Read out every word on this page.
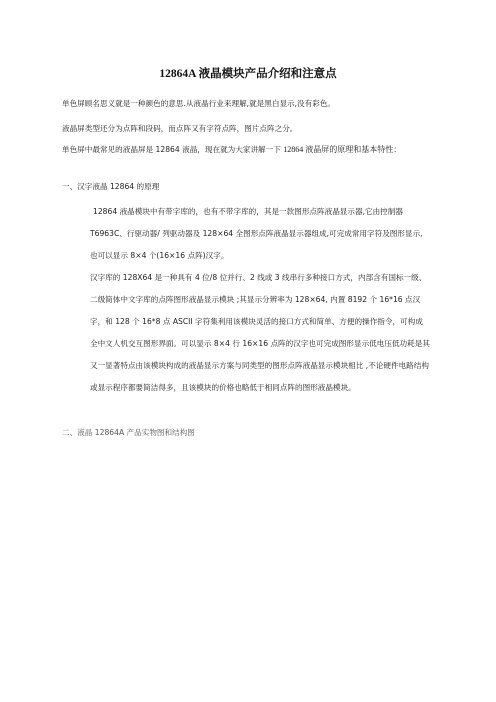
12864A 液晶模块产品介绍和注意点

单色屏顾名思义就是一种颜色的意思.从液晶行业来理解,就是黑白显示,没有彩色。

液晶屏类型还分为点阵和段码，而点阵又有字符点阵，图片点阵之分。

单色屏中最常见的液晶屏是 12864 液晶，现在就为大家讲解一下 12864 液晶屏的原理和基本特性：

一、汉字液晶 12864 的原理

12864 液晶模块中有带字库的，也有不带字库的，其是一款图形点阵液晶显示器,它由控制器 T6963C、行驱动器/ 列驱动器及 128×64 全图形点阵液晶显示器组成,可完成常用字符及图形显示,也可以显示 8×4 个(16×16 点阵)汉字。

汉字库的 128X64 是一种具有 4 位/8 位并行、2 线或 3 线串行多种接口方式，内部含有国标一级、二级简体中文字库的点阵图形液晶显示模块 ;其显示分辨率为 128×64, 内置 8192 个 16*16 点汉字，和 128 个 16*8 点 ASCII 字符集利用该模块灵活的接口方式和简单、方便的操作指令，可构成全中文人机交互图形界面。可以显示 8×4 行 16×16 点阵的汉字也可完成图形显示低电压低功耗是其又一显著特点由该模块构成的液晶显示方案与同类型的图形点阵液晶显示模块相比 ,不论硬件电路结构或显示程序都要简洁得多，且该模块的价格也略低于相同点阵的图形液晶模块。

二、液晶 12864A 产品实物图和结构图
